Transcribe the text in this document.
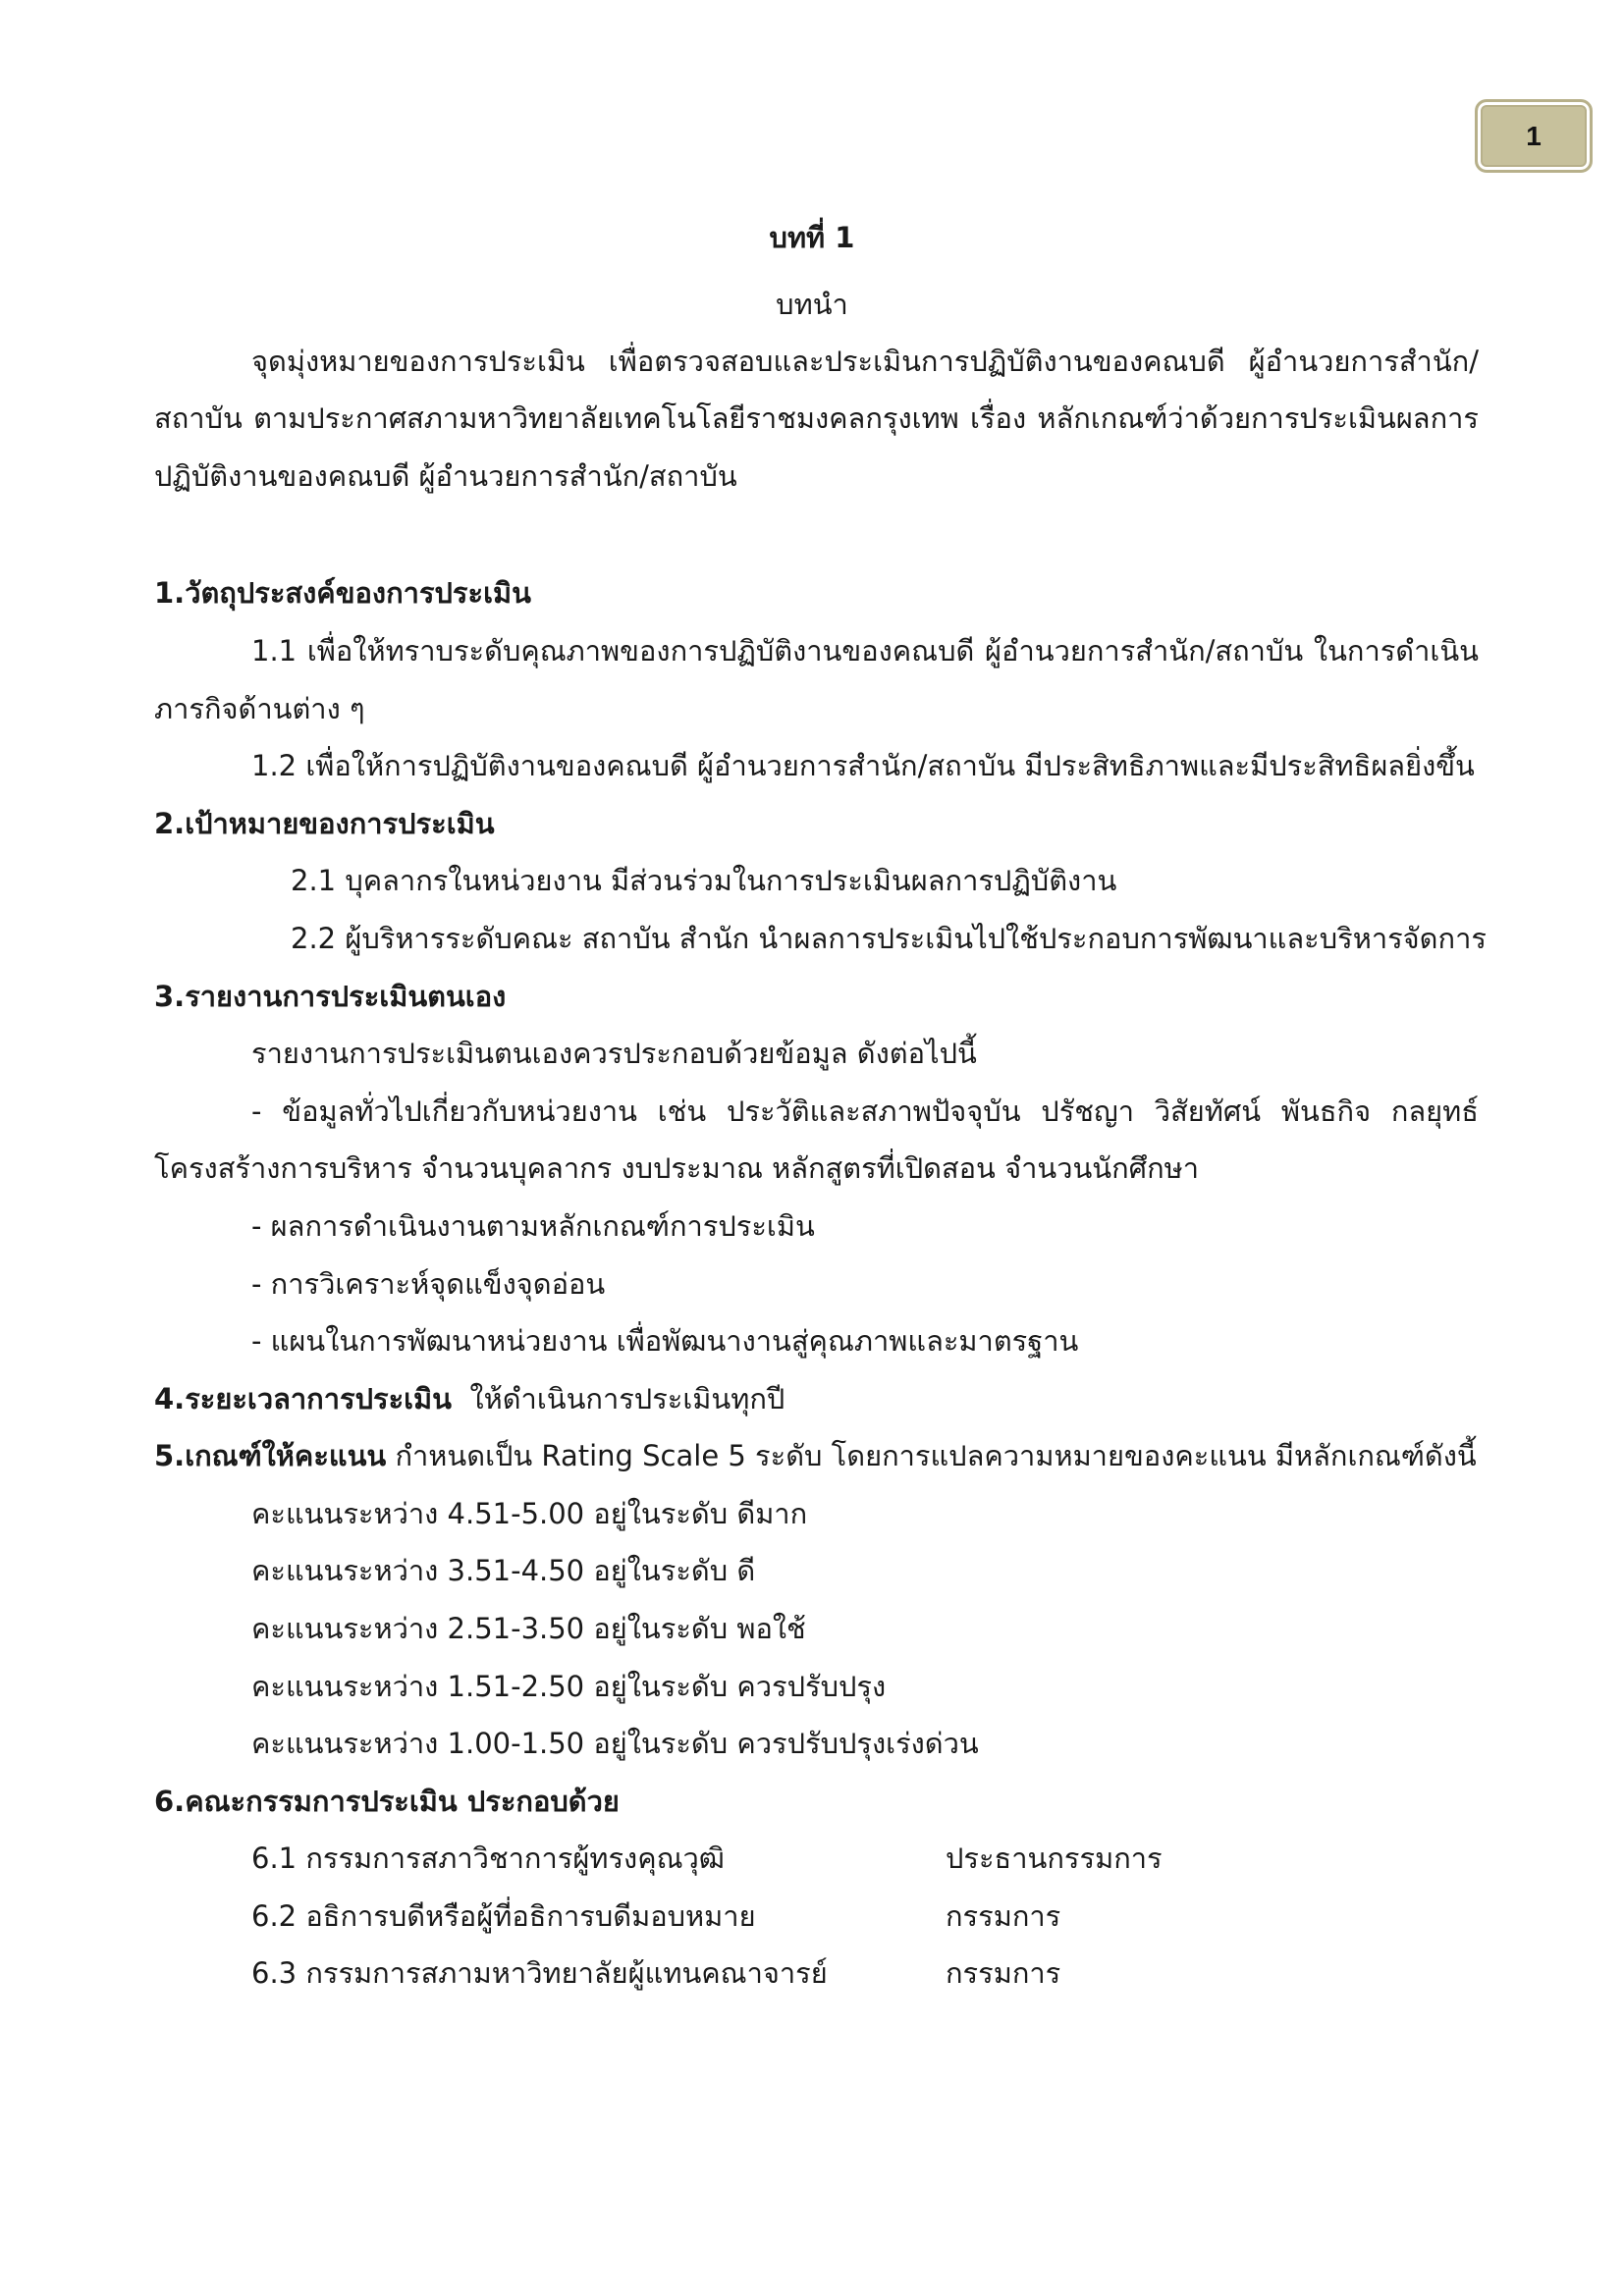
1
บทที่ 1
บทนำ
จุดมุ่งหมายของการประเมิน เพื่อตรวจสอบและประเมินการปฏิบัติงานของคณบดี ผู้อำนวยการสำนัก/
สถาบัน ตามประกาศสภามหาวิทยาลัยเทคโนโลยีราชมงคลกรุงเทพ เรื่อง หลักเกณฑ์ว่าด้วยการประเมินผลการ
ปฏิบัติงานของคณบดี ผู้อำนวยการสำนัก/สถาบัน
1.วัตถุประสงค์ของการประเมิน
1.1 เพื่อให้ทราบระดับคุณภาพของการปฏิบัติงานของคณบดี ผู้อำนวยการสำนัก/สถาบัน ในการดำเนิน
ภารกิจด้านต่าง ๆ
1.2 เพื่อให้การปฏิบัติงานของคณบดี ผู้อำนวยการสำนัก/สถาบัน มีประสิทธิภาพและมีประสิทธิผลยิ่งขึ้น
2.เป้าหมายของการประเมิน
2.1 บุคลากรในหน่วยงาน มีส่วนร่วมในการประเมินผลการปฏิบัติงาน
2.2 ผู้บริหารระดับคณะ สถาบัน สำนัก นำผลการประเมินไปใช้ประกอบการพัฒนาและบริหารจัดการ
3.รายงานการประเมินตนเอง
รายงานการประเมินตนเองควรประกอบด้วยข้อมูล ดังต่อไปนี้
- ข้อมูลทั่วไปเกี่ยวกับหน่วยงาน เช่น ประวัติและสภาพปัจจุบัน ปรัชญา วิสัยทัศน์ พันธกิจ กลยุทธ์
โครงสร้างการบริหาร จำนวนบุคลากร งบประมาณ หลักสูตรที่เปิดสอน จำนวนนักศึกษา
- ผลการดำเนินงานตามหลักเกณฑ์การประเมิน
- การวิเคราะห์จุดแข็งจุดอ่อน
- แผนในการพัฒนาหน่วยงาน เพื่อพัฒนางานสู่คุณภาพและมาตรฐาน
4.ระยะเวลาการประเมิน ให้ดำเนินการประเมินทุกปี
5.เกณฑ์ให้คะแนน กำหนดเป็น Rating Scale 5 ระดับ โดยการแปลความหมายของคะแนน มีหลักเกณฑ์ดังนี้
คะแนนระหว่าง 4.51-5.00 อยู่ในระดับ ดีมาก
คะแนนระหว่าง 3.51-4.50 อยู่ในระดับ ดี
คะแนนระหว่าง 2.51-3.50 อยู่ในระดับ พอใช้
คะแนนระหว่าง 1.51-2.50 อยู่ในระดับ ควรปรับปรุง
คะแนนระหว่าง 1.00-1.50 อยู่ในระดับ ควรปรับปรุงเร่งด่วน
6.คณะกรรมการประเมิน ประกอบด้วย
6.1 กรรมการสภาวิชาการผู้ทรงคุณวุฒิ	ประธานกรรมการ
6.2 อธิการบดีหรือผู้ที่อธิการบดีมอบหมาย	กรรมการ
6.3 กรรมการสภามหาวิทยาลัยผู้แทนคณาจารย์	กรรมการ
